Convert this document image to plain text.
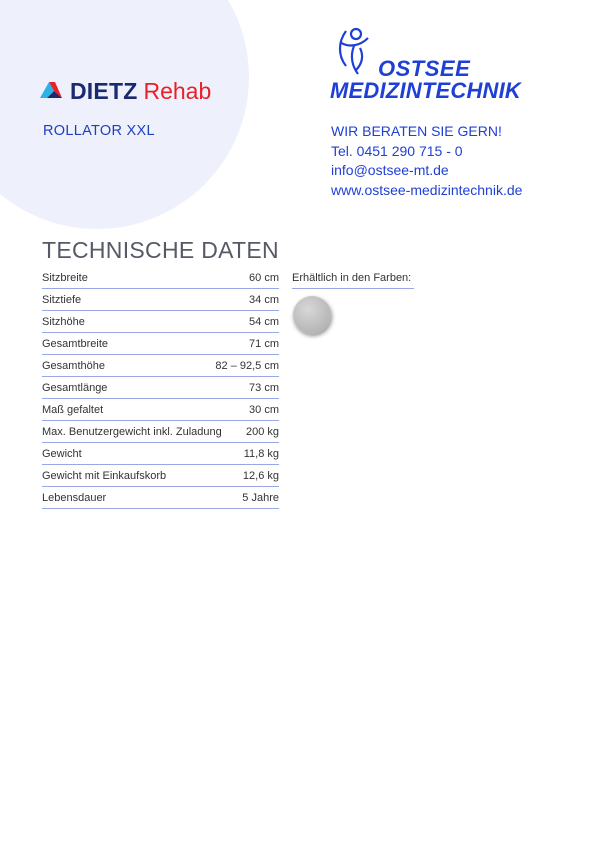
DIETZ Rehab
ROLLATOR XXL
OSTSEE
MEDIZINTECHNIK
WIR BERATEN SIE GERN!
Tel. 0451 290 715 - 0
info@ostsee-mt.de
www.ostsee-medizintechnik.de
TECHNISCHE DATEN
Sitzbreite	60 cm
Sitztiefe	34 cm
Sitzhöhe	54 cm
Gesamtbreite	71 cm
Gesamthöhe	82 – 92,5 cm
Gesamtlänge	73 cm
Maß gefaltet	30 cm
Max. Benutzergewicht inkl. Zuladung 200 kg
Gewicht	11,8 kg
Gewicht mit Einkaufskorb	12,6 kg
Lebensdauer	5 Jahre
Erhältlich in den Farben:
